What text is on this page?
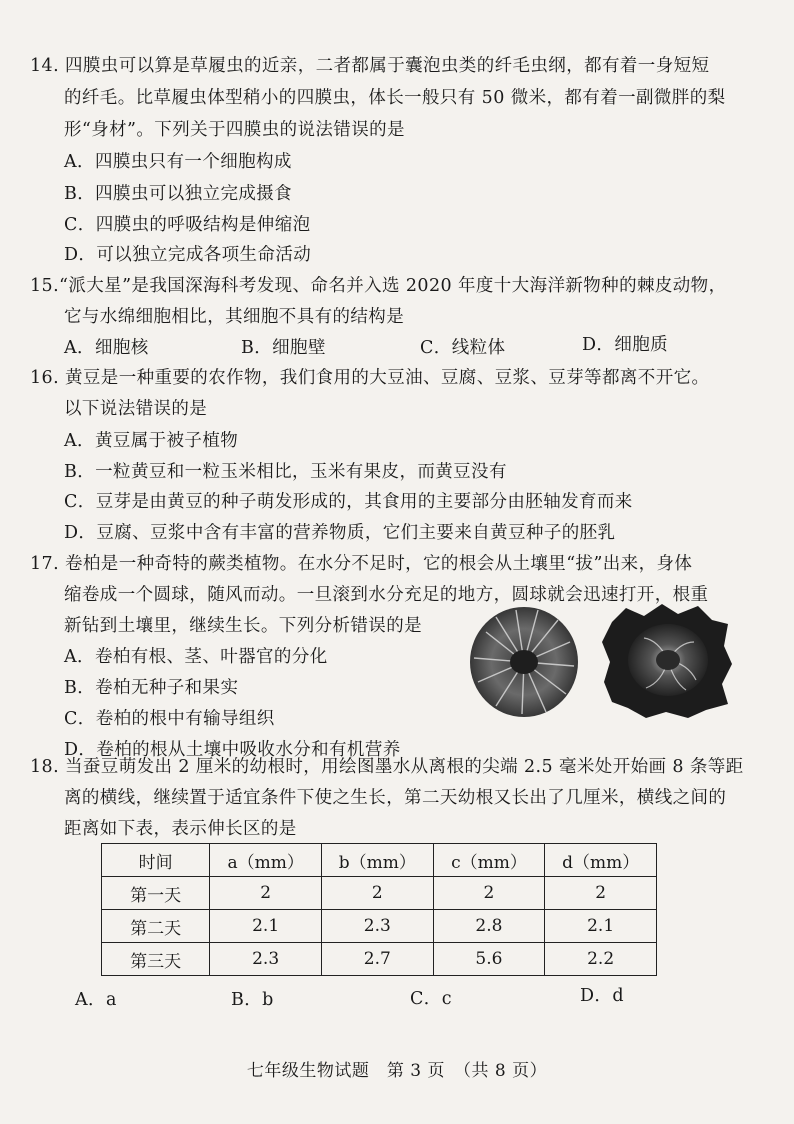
14. 四膜虫可以算是草履虫的近亲，二者都属于囊泡虫类的纤毛虫纲，都有着一身短短
的纤毛。比草履虫体型稍小的四膜虫，体长一般只有 50 微米，都有着一副微胖的梨
形“身材”。下列关于四膜虫的说法错误的是
A．四膜虫只有一个细胞构成
B．四膜虫可以独立完成摄食
C．四膜虫的呼吸结构是伸缩泡
D．可以独立完成各项生命活动
15.“派大星”是我国深海科考发现、命名并入选 2020 年度十大海洋新物种的棘皮动物，
它与水绵细胞相比，其细胞不具有的结构是
A．细胞核	B．细胞壁	C．线粒体	D．细胞质
16. 黄豆是一种重要的农作物，我们食用的大豆油、豆腐、豆浆、豆芽等都离不开它。
以下说法错误的是
A．黄豆属于被子植物
B．一粒黄豆和一粒玉米相比，玉米有果皮，而黄豆没有
C．豆芽是由黄豆的种子萌发形成的，其食用的主要部分由胚轴发育而来
D．豆腐、豆浆中含有丰富的营养物质，它们主要来自黄豆种子的胚乳
17. 卷柏是一种奇特的蕨类植物。在水分不足时，它的根会从土壤里“拔”出来，身体
缩卷成一个圆球，随风而动。一旦滚到水分充足的地方，圆球就会迅速打开，根重
新钻到土壤里，继续生长。下列分析错误的是
A．卷柏有根、茎、叶器官的分化
B．卷柏无种子和果实
C．卷柏的根中有输导组织
D．卷柏的根从土壤中吸收水分和有机营养
18. 当蚕豆萌发出 2 厘米的幼根时，用绘图墨水从离根的尖端 2.5 毫米处开始画 8 条等距
离的横线，继续置于适宜条件下使之生长，第二天幼根又长出了几厘米，横线之间的
距离如下表，表示伸长区的是
时间	a（mm）	b（mm）	c（mm）	d（mm）
第一天	2	2	2	2
第二天	2.1	2.3	2.8	2.1
第三天	2.3	2.7	5.6	2.2
A．a	B．b	C．c	D．d
七年级生物试题　第 3 页　（共 8 页）
